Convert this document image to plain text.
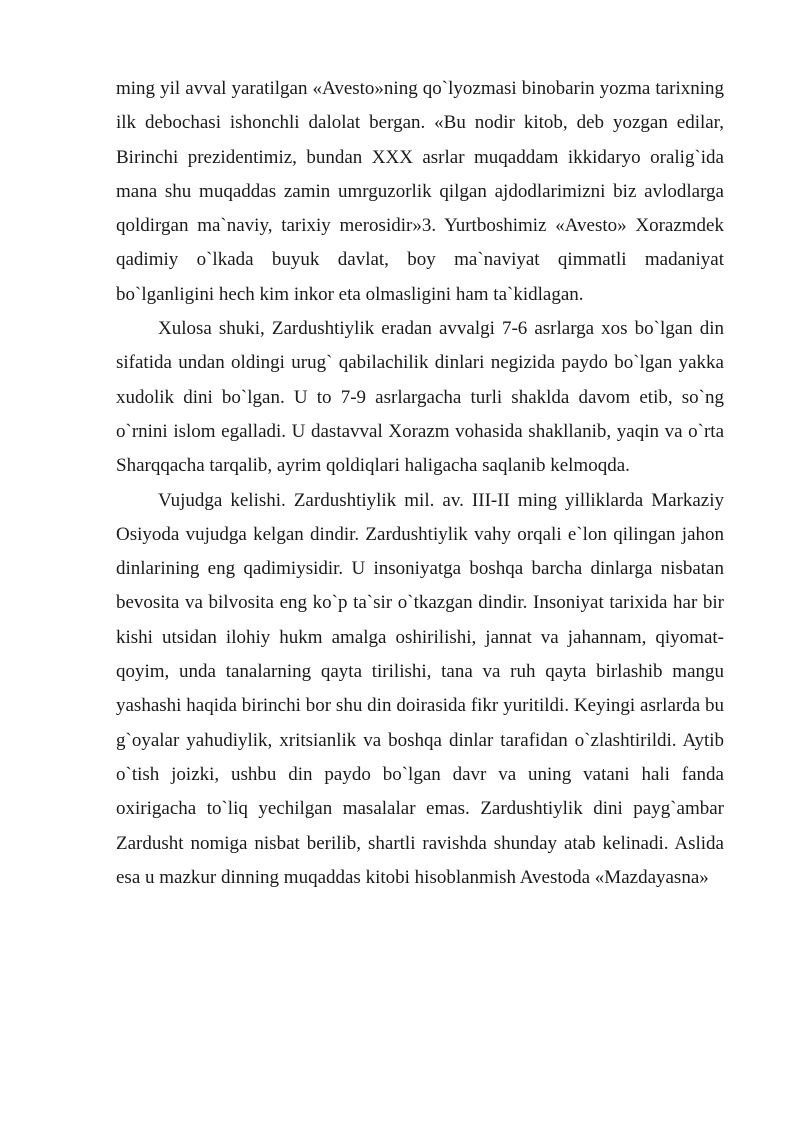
ming yil avval yaratilgan «Avesto»ning qo`lyozmasi binobarin yozma tarixning ilk debochasi ishonchli dalolat bergan. «Bu nodir kitob, deb yozgan edilar, Birinchi prezidentimiz, bundan XXX asrlar muqaddam ikkidaryo oralig`ida mana shu muqaddas zamin umrguzorlik qilgan ajdodlarimizni biz avlodlarga qoldirgan ma`naviy, tarixiy merosidir»3. Yurtboshimiz «Avesto» Xorazmdek qadimiy o`lkada buyuk davlat, boy ma`naviyat qimmatli madaniyat bo`lganligini hech kim inkor eta olmasligini ham ta`kidlagan.

Xulosa shuki, Zardushtiylik eradan avvalgi 7-6 asrlarga xos bo`lgan din sifatida undan oldingi urug` qabilachilik dinlari negizida paydo bo`lgan yakka xudolik dini bo`lgan. U to 7-9 asrlargacha turli shaklda davom etib, so`ng o`rnini islom egalladi. U dastavval Xorazm vohasida shakllanib, yaqin va o`rta Sharqqacha tarqalib, ayrim qoldiqlari haligacha saqlanib kelmoqda.

Vujudga kelishi. Zardushtiylik mil. av. III-II ming yilliklarda Markaziy Osiyoda vujudga kelgan dindir. Zardushtiylik vahy orqali e`lon qilingan jahon dinlarining eng qadimiysidir. U insoniyatga boshqa barcha dinlarga nisbatan bevosita va bilvosita eng ko`p ta`sir o`tkazgan dindir. Insoniyat tarixida har bir kishi utsidan ilohiy hukm amalga oshirilishi, jannat va jahannam, qiyomat-qoyim, unda tanalarning qayta tirilishi, tana va ruh qayta birlashib mangu yashashi haqida birinchi bor shu din doirasida fikr yuritildi. Keyingi asrlarda bu g`oyalar yahudiylik, xritsianlik va boshqa dinlar tarafidan o`zlashtirildi. Aytib o`tish joizki, ushbu din paydo bo`lgan davr va uning vatani hali fanda oxirigacha to`liq yechilgan masalalar emas. Zardushtiylik dini payg`ambar Zardusht nomiga nisbat berilib, shartli ravishda shunday atab kelinadi. Aslida esa u mazkur dinning muqaddas kitobi hisoblanmish Avestoda «Mazdayasna»
